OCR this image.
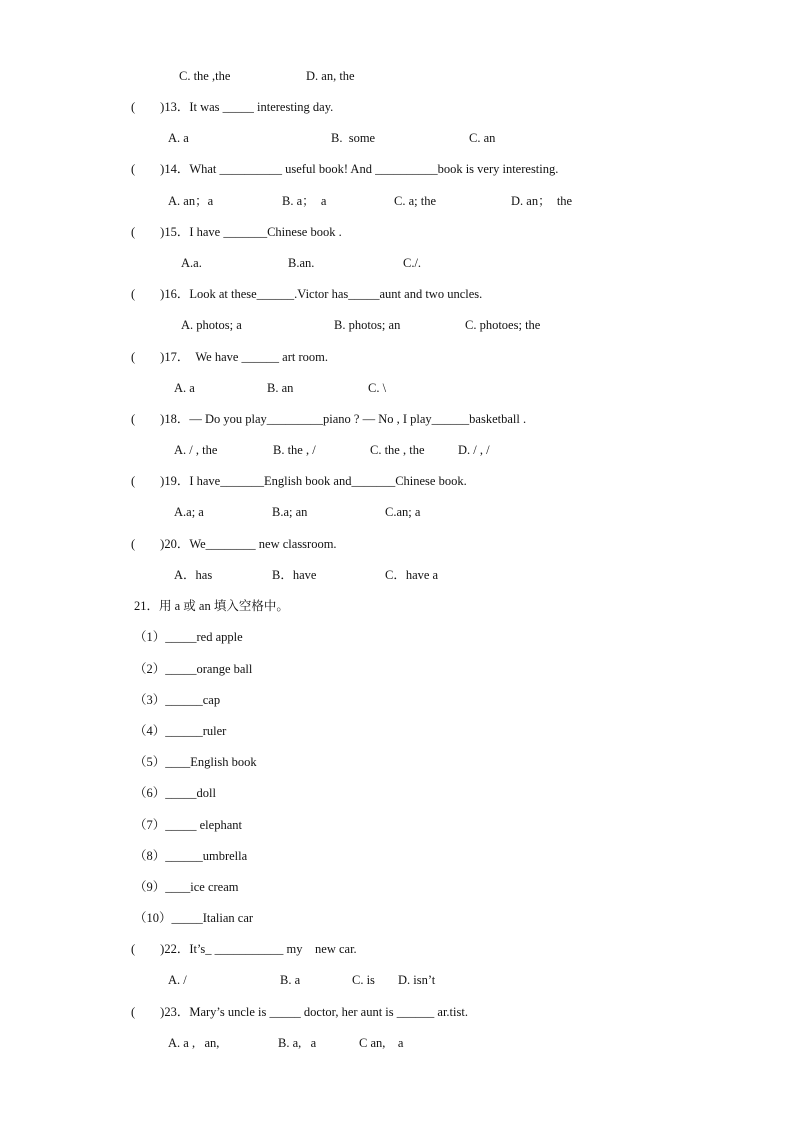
C. the ,the	D. an, the
(        )13．It was _____ interesting day.
A. a	B.  some	C. an
(        )14．What __________ useful book! And __________book is very interesting.
A. an；a	B. a；  a	C. a; the	D. an；  the
(        )15．I have _______Chinese book .
A.a.	B.an.	C./.
(        )16．Look at these______.Victor has_____aunt and two uncles.
A. photos; a	B. photos; an	C. photoes; the
(        )17．  We have ______ art room.
A. a	B. an	C. \
(        )18．— Do you play_________piano ? — No , I play______basketball .
A. / , the	B. the , /	C. the , the	D. / , /
(        )19．I have_______English book and_______Chinese book.
A.a; a	B.a; an	C.an; a
(        )20．We________ new classroom.
A．has	B．have	C．have a
21．用 a 或 an 填入空格中。
（1）_____red apple
（2）_____orange ball
（3）______cap
（4）______ruler
（5）____English book
（6）_____doll
（7）_____ elephant
（8）______umbrella
（9）____ice cream
（10）_____Italian car
(        )22．It’s_ ___________ my    new car.
A. /	B. a	C. is D. isn’t
(        )23．Mary’s uncle is _____ doctor, her aunt is ______ ar.tist.
A. a ,   an,	B. a,   a	C an,    a
